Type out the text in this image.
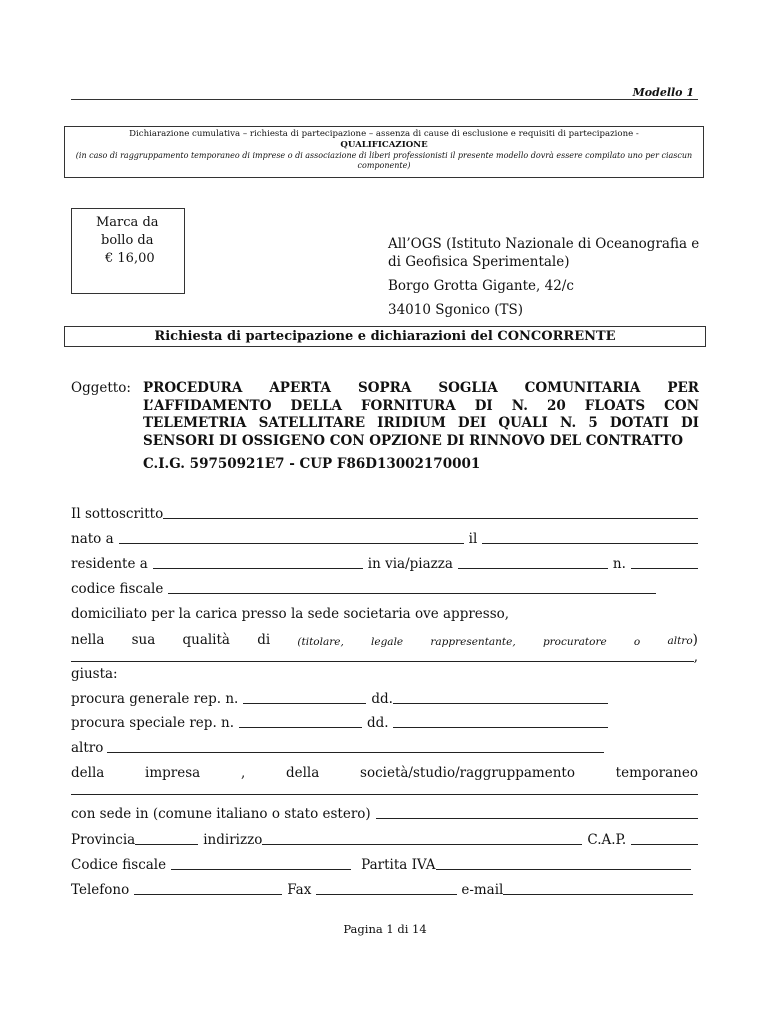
Modello 1
Dichiarazione cumulativa – richiesta di partecipazione – assenza di cause di esclusione e requisiti di partecipazione -
QUALIFICAZIONE
(in caso di raggruppamento temporaneo di imprese o di associazione di liberi professionisti il presente modello dovrà essere compilato uno per ciascun componente)
Marca da
bollo da
€ 16,00
All’OGS (Istituto Nazionale di Oceanografia e
di Geofisica Sperimentale)
Borgo Grotta Gigante, 42/c
34010 Sgonico (TS)
Richiesta di partecipazione e dichiarazioni del CONCORRENTE
Oggetto: PROCEDURA APERTA SOPRA SOGLIA COMUNITARIA PER
L’AFFIDAMENTO DELLA FORNITURA DI N. 20 FLOATS CON
TELEMETRIA SATELLITARE IRIDIUM DEI QUALI N. 5 DOTATI DI
SENSORI DI OSSIGENO CON OPZIONE DI RINNOVO DEL CONTRATTO
C.I.G. 59750921E7 - CUP F86D13002170001
Il sottoscritto
nato a	il
residente a	in via/piazza	n.
codice fiscale
domiciliato per la carica presso la sede societaria ove appresso,
nella sua qualità di	(titolare,	legale	rappresentante,	procuratore	o	altro)
,
giusta:
procura generale rep. n.	dd.
procura speciale rep. n.	dd.
altro
della	impresa	,	della	società/studio/raggruppamento	temporaneo
con sede in (comune italiano o stato estero)
Provincia	indirizzo	C.A.P.
Codice fiscale	Partita IVA
Telefono	Fax	e-mail
Pagina 1 di 14
